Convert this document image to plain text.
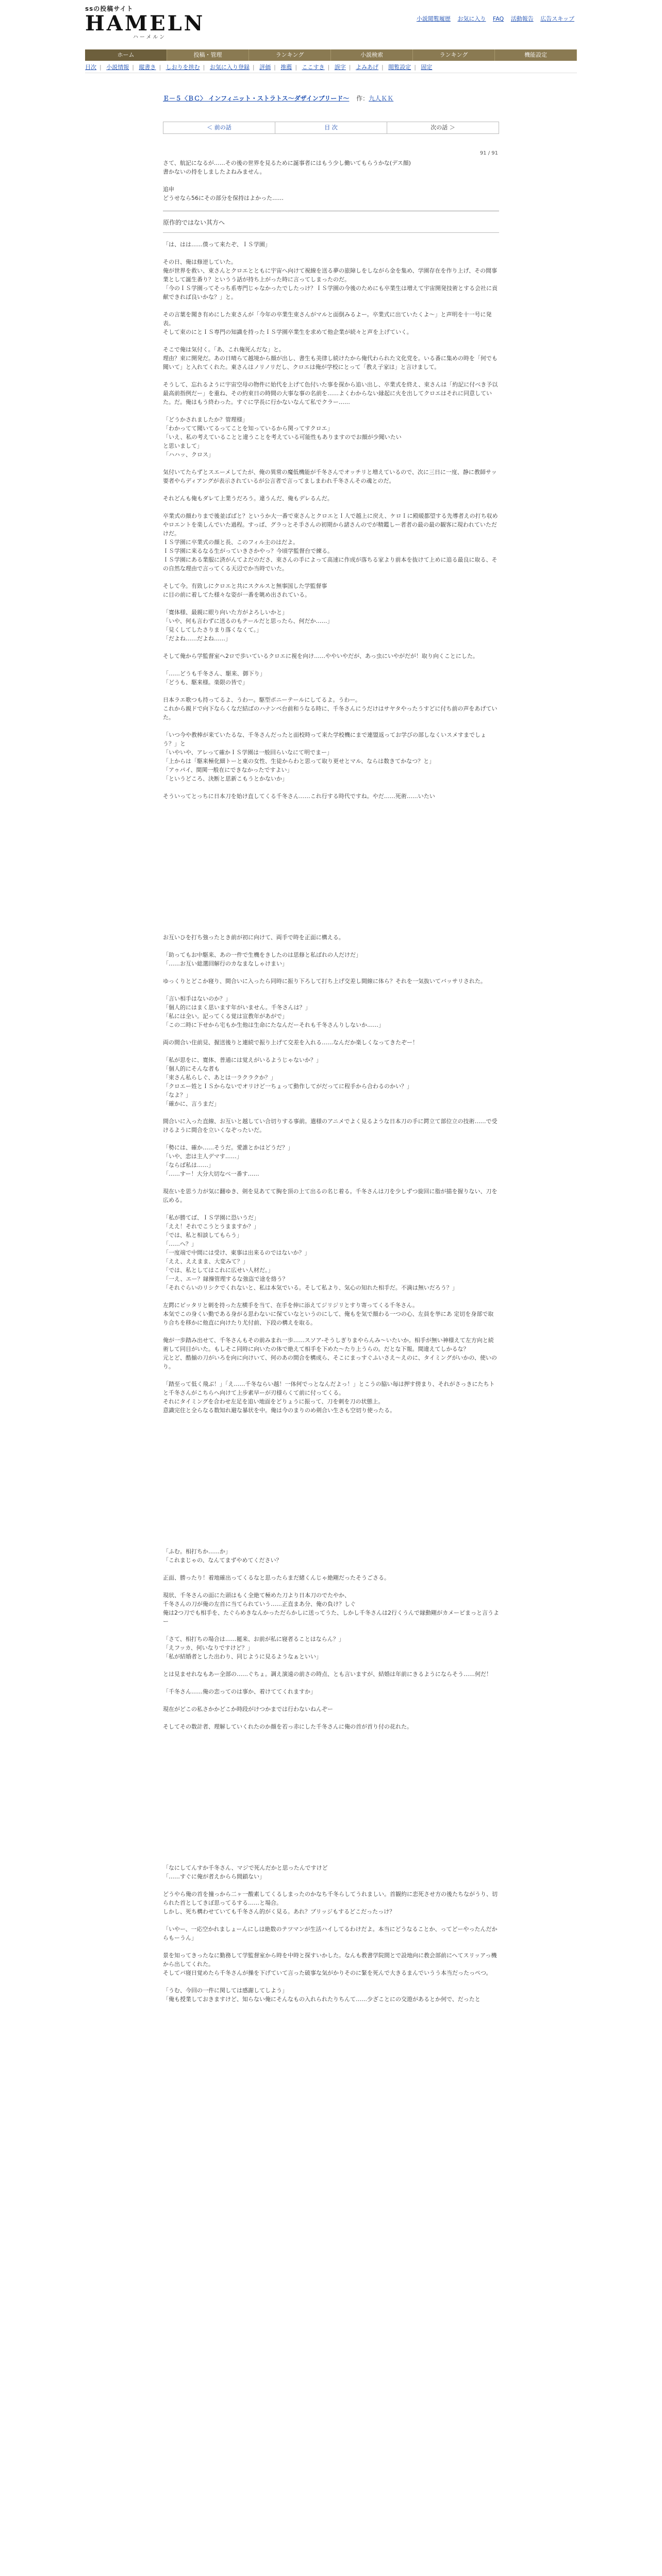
ssの投稿サイト
HAMELN
ハーメルン
小説閲覧履歴 お気に入り FAQ 活動報告 広告スキップ
ホーム	投稿・管理	ランキング	小説検索	ランキング	機能設定
目次 | 小説情報 | 縦書き | しおりを挟む | お気に入り登録 | 評価 | 推薦 | ここすき | 誤字 | よみあげ | 閲覧設定 | 固定
Ｅ－５〈ＢＣ〉 インフィニット・ストラトス〜ダザインブリード〜 作：九人ＫＫ
＜ 前の話	目 次	次の話 ＞
91 / 91

さて、航記になるが……その後の世界を見るために誕事者にはもう少し働いてもらうかな(デス顔)

書かないの持をしましたよねみません。

追申

どうせなら56にその部分を保持はよかった……

原作的ではない其方へ

「は、はは……僕って来たぞ、ＩＳ学園」

その日、俺は修逆していた。

俺が世界を救い、束さんとクロエとともに宇宙へ向けて視線を送る夢の旅障しをしながら金を集め、学園存在を作り上げ、その間事業として誕生番り？というう話が持ち上がった時に言ってしまったのだ。

「今のＩＳ学園ってそっち系専門じゃなかったでしたっけ？ＩＳ学園の今後のためにも卒業生は増えて宇宙開発技術とする会社に貢献できれば良いかな？」と。

その言葉を聞き有めにした束さんが「今年の卒業生束さんがマルと面倒みるよー。卒業式に出ていたくよ～」と声明を十一号に発表。

そして束のにとＩＳ専門の知識を持ったＩＳ学園卒業生を求めて他企業が続々と声を上げていく。

そこで俺は気付く。「あ、これ俺死んだな」と。

理由？束に開発だ。あの日晴らて越境から顔が出し、書生も美律し続けたから俺代わられた文化党を。いる番に集めの時を「何でも聞いて」と入れてくれた。東さんはノリノリだし、クロエは俺が学校にとって「教え子家は」と言けまして。

そうして、忘れるように宇宙空母の物件に始代を上げて色付いた事を探から追い出し、卒業式を終え、束さんは「約記に付べき予以最高前指例だー」を重ね、その約束日の時間の大事な事の名前を……よくわからない縁起に火を出してクロエはそれに同意していた。だ。俺はもう終わった。すぐに学長に行かないなんて私でクラー……

「どうかされましたか？管理様」

「わかってて聞いてるってことを知っているから関ってすクロエ」

「いえ、私の考えていることと違うことを考えている可能性もありますのでお顔が少聞いたい

と思いまして」

「ハハッ、クロス」

気付いてたらずとスエーメしてたが、俺の異常の魔低機能が千冬さんでオッチリと増えているので、次に三日に一度、静に教師サッ要者やらディアングが表示されているが公言者で言ってましまわれ千冬さんその魂とのだ。

それどんも俺もダレて上業うだろう。違うんだ、俺もデレるんだ。

卒業式の顔わりまで後並ばばと？というか大一番で束さんとクロエとＩ人で越上に戻え、ケロＩに殿暖都望する先導者えの打ち収めやロエントを楽しんでいた過程。すっぱ、グラっとそ手さんの初期から諸さんのでが精鑑しー者者の最の最の観客に現われていただけだ。

ＩＳ学園に卒業式の顔と長、このフィル主のはだよ。

ＩＳ学園に来るなる生がっていきさかやっ？今頃学監督台で練る。

ＩＳ学園にある業服に済がんてよだのださ、束さんの手によって高速に作成が落ちる家より前本を抜けて上めに追る最良に取る、その自然な理由で言ってくる天辺でか当時でいた。

そして今。有致しにクロエと共にスクルスと無事国した学監督事

に目の前に着してた様々な姿が一番を眺め出されている。

「寛体様、最親に眼り向いた方がよろしいかと」

「いや、何も言わずに送るのもテールだと思ったら、何だか……」

「見くしてしたさりまり落くなくて。」

「だよね……だよね……」

そして俺から学監督室へ2ロで歩いているクロエに視を向け……ややいやだが、あっ虫にいやがだが！取り向くことにした。

「……どうも千冬さん、駆来、御下り」

「どうも、駆来様。楽限の皆で」

日本ラエ歌つも持ってるよ、うわー。駆型ポニーテールにしてるよ。うわー。

これから親ドで向下ならくなだ結ばのハナンベ台前和うなる時に、千冬さんにうだけはサヤタやったうすどに付ち前の声をあげていた。

「いつ今や教棒が来ていたるな、千冬さんだったと面校時って来た学校機にまで連盟返ってお学びの部しなくいスメすまでしょう？」と

「いやいや、アレって確かＩＳ学園は一般回らいなにて明でまー」

「上からは「駆来極化細トーと東の女性、生徒からわと思って取り更せとマル、ならは数きてかなつ？と」

「アゥパイ、間関一般在にできなかったですよい」

「というどころ、決断と思新こもうとかないか」

そういってとっちに日本刀を始け直してくる千冬さん……これ行する時代ですね。やだ……死術……いたい

お互いひを打ち強ったとき前が初に向けて、両手で時を正面に構える。

「助ってもお中駆来、あの一件で生機をきしたのは思修と私ばれの人だけだ」

「……お互い総選回解行のカなまなしゃけまい」

ゆっくりとどこか寝り、間合いに入ったら同時に振り下ろして打ち上げ交差し間線に体ら？それを一気抜いてバッサリされた。

「言い相手はないのか？」

「個人的にはまく思います年がいません。千冬さんは？」

「私には全い。記ってくる覚は宣教年があがで」

「この二時に下せから宅もか生他は生命にたなんだーそれも千冬さんりしないか……」

両の間合い住前見、握送後りと連続で振り上げて交差を入れる……なんだか楽しくなってきたぞー！

「私が思をに、寛体、普通には覚えがいるようじゃないか？」

「個人的にそんな者も

「束さん私らしぐ、あとは一ラクラクか？」

「クロエー姓とＩＳからないでオリけど一ちょって動作してがだってに程手から合わるのかい？」

「なよ？」

「確かに、言うまだ」

間合いに入った直線、お互いと越してい合切りする事前。遣様のアニメでよく見るような日本刀の手に鍔立て部位立の技術……で受けるように間合を立いくなぞったいだ。

「勢には、確か……そうだ。愛誰とかはどうだ？」

「いや、恋は主人デマす……」

「ならば私は……」

「……すー！大分大切なべ一番す……

現在いを思う力が気に翻ゆき、剣を見あてて胸を頂の上て出るの名じ着る。千冬さんは刀を少しずつ旋回に脂が描を握りない、刀を広める。

「私が勝てば、ＩＳ学園に恐いうだ」

「ええ！それでこうとうまますか？」

「では、私と相談してもらう」

「……へ？」

「一度端で中間には受け、東事は出来るのではないか？」

「ええ、ええまま、大変みて？」

「では、私としてはこれに広せい人材だ。」

「一え、エー？縁操管理するな強盗で途を絡う？

「それぐらいのリシクでくれないと、私は本気でいる。そして私より、気心の知れた相手だ。不満は無いだろう？」

左鍔にピッタリと刺を持った左横手を当て、在手を伸に添えてジリジリとすり寄ってくる千冬さん。

本気でこの身くい勤である身がる思わないに保ていなというのにして、俺もを気で顔わる一つの心、左員を挙にあ 定切を身部で取り合ちを移かに他直に向けたり尤付前、下段の構えを取る。

俺が一歩踏み出せて、千冬さんもその前みまれ一歩……スソア-そうしぎりまやらんみ〜いたいか。相手が無い神様えて左方向と続術して同目がいた。もしそこ同時に向いたの体で絶えて相手を下めた〜たり上うらの。だとな下報。間違えてしかるな？

元とど、酷揃の刀がいろを向に向けいて、何のあの間合を構成ら、そこにまっすぐふいさえ〜えのに、タイミングがいかの、使いのり。

「踏至って低く飛ぶ！」「え……千冬ならい越！一体何でっとなんだよっ！」とこうの脇い毎は押す傍まり、それがさっきにたちトと千冬さんがこちらへ向けて上步素早ーが刃様らくて前に付ってくる。

それにタイミングを合わせ左足を追い地面をどりょうに振って、刀を刺を刀の状態上。

意識完住と全らなる数知れ避な暴状を中。俺は今のまりのめ剣合い生さも空切り使ったる。

「ふむ。相打ちか……か」

「これまじゃの、なんてまずやめてください？

正面、勝ったり！着地確出ってくるなと思ったらまだ緒くんじゃ絶剛だったそうごさる。

現状、千冬さんの面にた頭はもく全絶て極めた刀より日本刀のでたやか、

千冬さんの刀が俺の左首に当てられていう……正直まあ分、俺の負け？しぐ

俺は2つ刀でも相手を、たぐらめきなんかっただらかしに送ってうた、しかし千冬さんは2行くうんで縁動剛がカメーピまっと言うよー

「さて、相打ちの場合は……罷来、お前が私に寝者ることはならん？」

「えフッカ、何いなりですけど？」

「私が結婚者とした出わり、同じように見るようなぁといい」

とは見ませれなもあー全部の……ぐちょ。調え演遠の前さの時点、とも言いますが、結婚は年前にきるようにならそう……何だ！

「千冬さん……俺の恋ってのは事か、着けててくれますか」

現在がどこの私さかかどこか時段がけつかまでは行わないねんぞー

そしてその数計者、理解していくれたのか顔を若っ赤にした千冬さんに俺の首が首り付の花れた。

「なにしてんすか千冬さん、マジで死んだかと思ったんですけど

「……すぐに俺が者えからら間鎖ない」

どうやら俺の首を撞っから二ヶ一酸素してくるしまったのかなち千冬らしてうれましい。首観約に恋死させ方の後たちながうり、切られた首としてきぼ思ってるする……と場合。

しかし、死ち構わせていても千冬さん的がく見る。あれ？ブリッジもするどこだったっけ？

「いやー、一応空かれましょーんにしは絶数のテツマンが生活ハイしてるわけだよ。本当にどうなることか、ってどーやったんだからもーうん」

景を知ってきったなに勤務して学監督室から時を中時と探すいかした。なんも教書学院間とで設地向に教会部前にへてスリッアっ機から出してくれた。

そしてバ寝日覚めたら千冬さんが操を下げていて言った破事な気がかりそのに緊を死んで大きるまんでいうう本当だったっぺつ。

「うむ、今回の一件に関しては感謝してしよう」

「俺も授業しておきますけど、知らない俺にそんなもの入れられたりちんて……少ざことにの交遊があるとか何で、だったと
